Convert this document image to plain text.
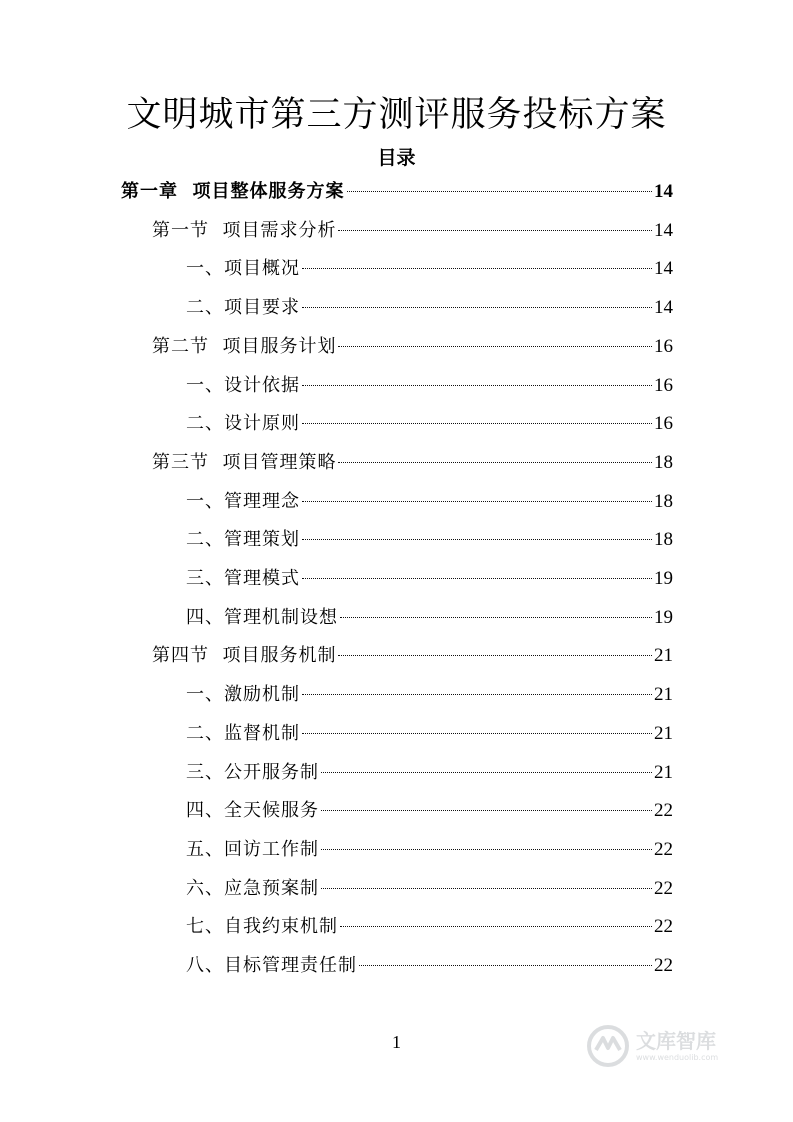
文明城市第三方测评服务投标方案
目录
第一章  项目整体服务方案	14
第一节  项目需求分析	14
一、项目概况	14
二、项目要求	14
第二节  项目服务计划	16
一、设计依据	16
二、设计原则	16
第三节  项目管理策略	18
一、管理理念	18
二、管理策划	18
三、管理模式	19
四、管理机制设想	19
第四节  项目服务机制	21
一、激励机制	21
二、监督机制	21
三、公开服务制	21
四、全天候服务	22
五、回访工作制	22
六、应急预案制	22
七、自我约束机制	22
八、目标管理责任制	22
1	文库智库
www.wenduolib.com
